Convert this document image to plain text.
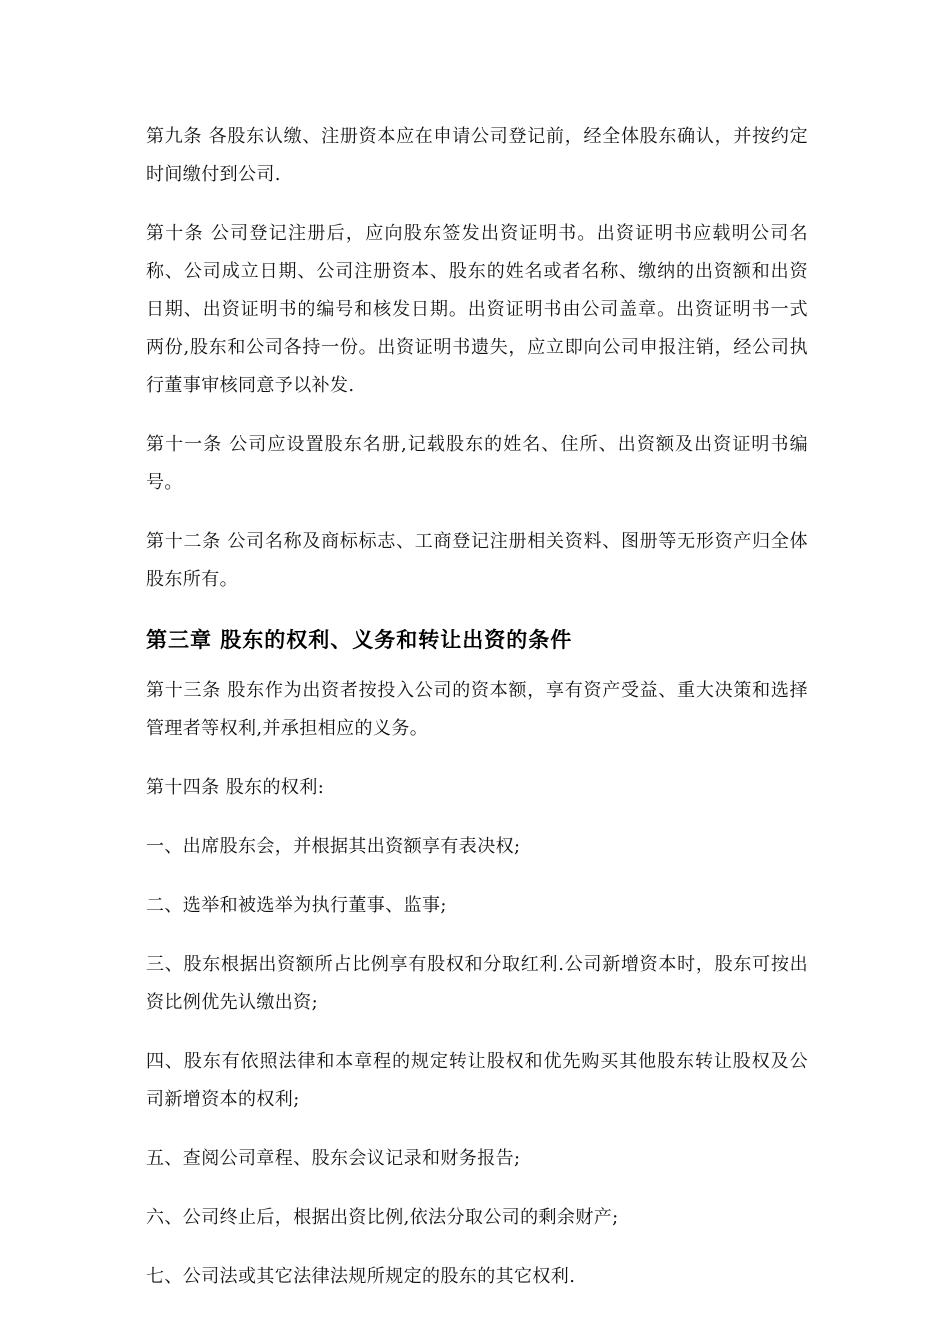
第九条 各股东认缴、注册资本应在申请公司登记前，经全体股东确认，并按约定时间缴付到公司.

第十条 公司登记注册后，应向股东签发出资证明书。出资证明书应载明公司名称、公司成立日期、公司注册资本、股东的姓名或者名称、缴纳的出资额和出资日期、出资证明书的编号和核发日期。出资证明书由公司盖章。出资证明书一式两份,股东和公司各持一份。出资证明书遗失，应立即向公司申报注销，经公司执行董事审核同意予以补发.

第十一条 公司应设置股东名册,记载股东的姓名、住所、出资额及出资证明书编号。

第十二条 公司名称及商标标志、工商登记注册相关资料、图册等无形资产归全体股东所有。

第三章 股东的权利、义务和转让出资的条件

第十三条 股东作为出资者按投入公司的资本额，享有资产受益、重大决策和选择管理者等权利,并承担相应的义务。

第十四条 股东的权利:

一、出席股东会，并根据其出资额享有表决权;

二、选举和被选举为执行董事、监事;

三、股东根据出资额所占比例享有股权和分取红利.公司新增资本时，股东可按出资比例优先认缴出资;

四、股东有依照法律和本章程的规定转让股权和优先购买其他股东转让股权及公司新增资本的权利;

五、查阅公司章程、股东会议记录和财务报告;

六、公司终止后，根据出资比例,依法分取公司的剩余财产;

七、公司法或其它法律法规所规定的股东的其它权利.
